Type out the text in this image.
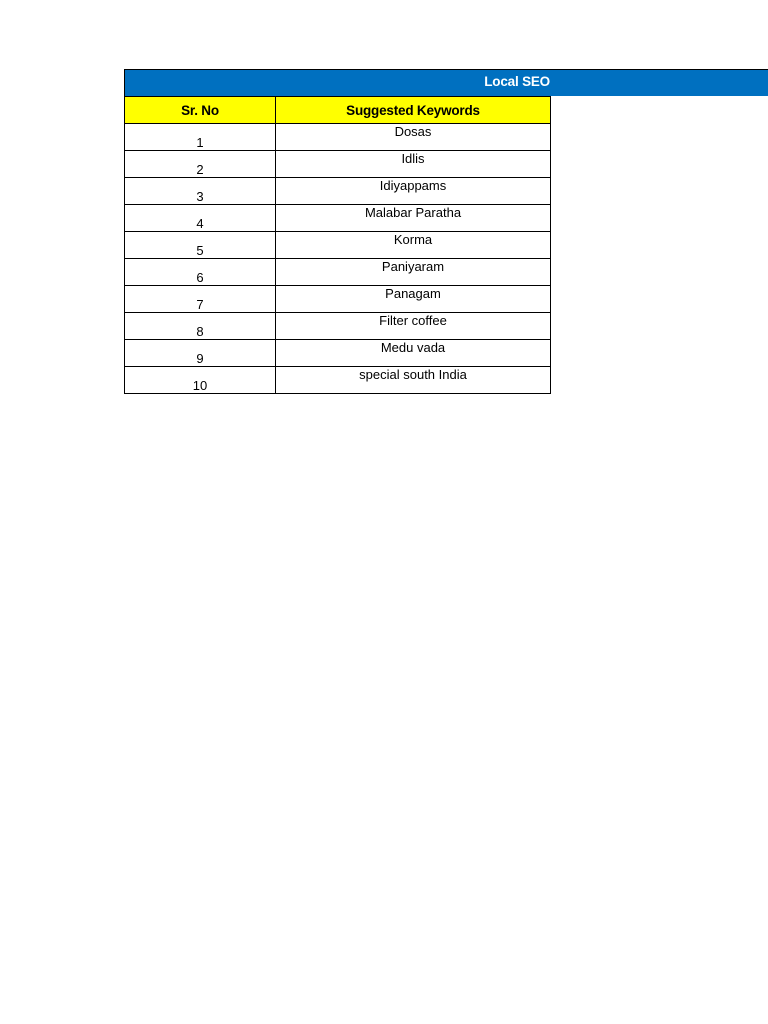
Local SEO
Sr. No	Suggested Keywords
1	Dosas
2	Idlis
3	Idiyappams
4	Malabar Paratha
5	Korma
6	Paniyaram
7	Panagam
8	Filter coffee
9	Medu vada
10	special south India
